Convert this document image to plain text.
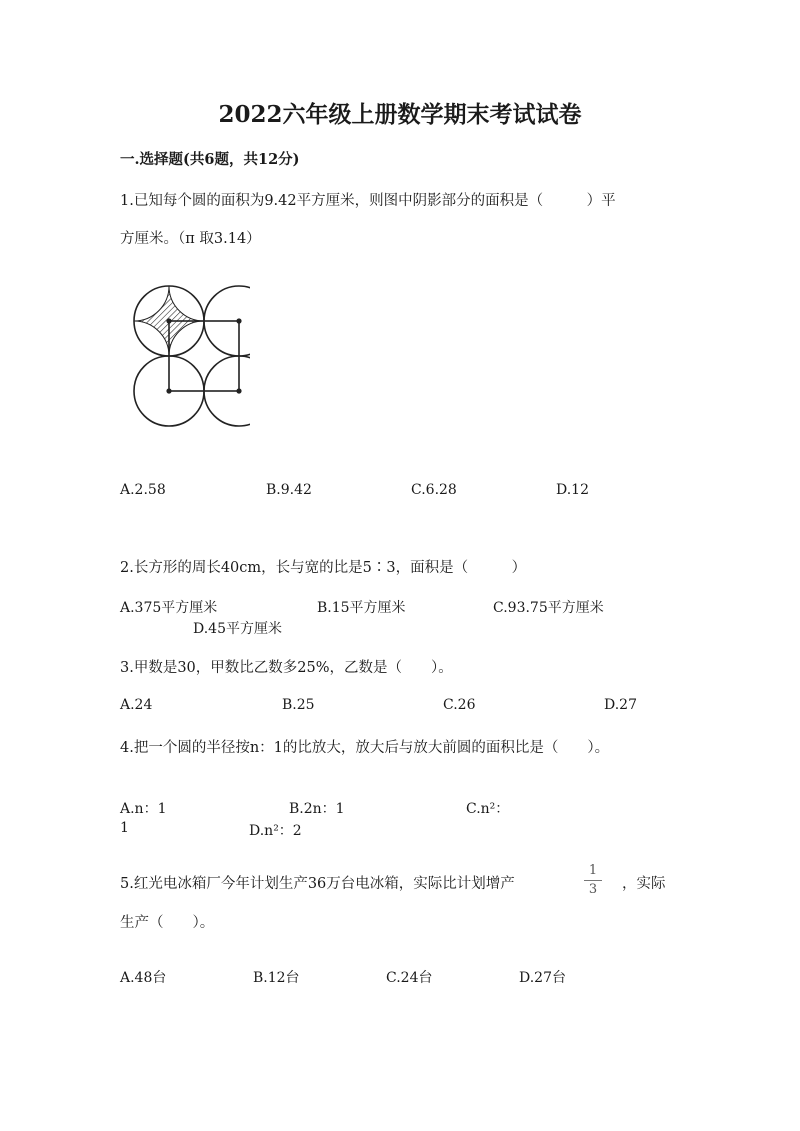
2022六年级上册数学期末考试试卷
一.选择题(共6题，共12分)
1.已知每个圆的面积为9.42平方厘米，则图中阴影部分的面积是（　　　）平
方厘米。（π 取3.14）
A.2.58	B.9.42	C.6.28	D.12
2.长方形的周长40cm，长与宽的比是5∶3，面积是（　　　）
A.375平方厘米	B.15平方厘米	C.93.75平方厘米
D.45平方厘米
3.甲数是30，甲数比乙数多25%，乙数是（　　）。
A.24	B.25	C.26	D.27
4.把一个圆的半径按n：1的比放大，放大后与放大前圆的面积比是（　　）。
A.n：1	B.2n：1	C.n²：
1	D.n²：2
5.红光电冰箱厂今年计划生产36万台电冰箱，实际比计划增产
1
3	，实际
生产（　　）。
A.48台	B.12台	C.24台	D.27台
